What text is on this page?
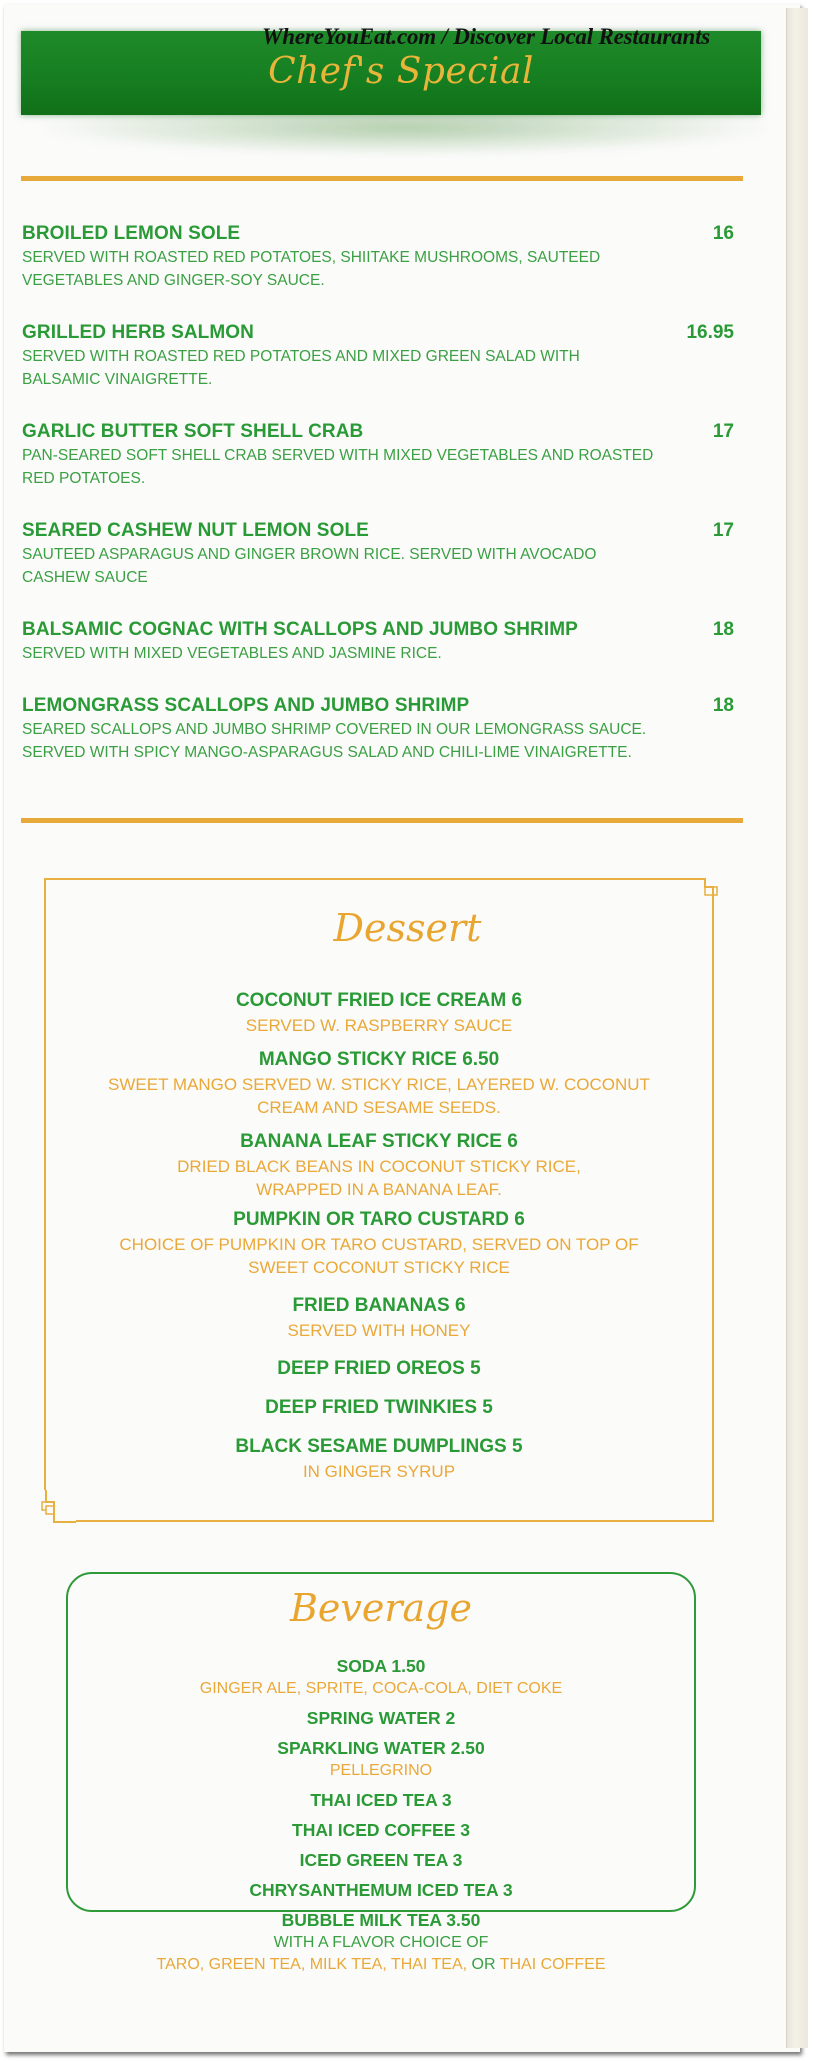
Chef's Special
WhereYouEat.com / Discover Local Restaurants
BROILED LEMON SOLE	16
SERVED WITH ROASTED RED POTATOES, SHIITAKE MUSHROOMS, SAUTEED
VEGETABLES AND GINGER-SOY SAUCE.
GRILLED HERB SALMON	16.95
SERVED WITH ROASTED RED POTATOES AND MIXED GREEN SALAD WITH
BALSAMIC VINAIGRETTE.
GARLIC BUTTER SOFT SHELL CRAB	17
PAN-SEARED SOFT SHELL CRAB SERVED WITH MIXED VEGETABLES AND ROASTED
RED POTATOES.
SEARED CASHEW NUT LEMON SOLE	17
SAUTEED ASPARAGUS AND GINGER BROWN RICE. SERVED WITH AVOCADO
CASHEW SAUCE
BALSAMIC COGNAC WITH SCALLOPS AND JUMBO SHRIMP	18
SERVED WITH MIXED VEGETABLES AND JASMINE RICE.
LEMONGRASS SCALLOPS AND JUMBO SHRIMP	18
SEARED SCALLOPS AND JUMBO SHRIMP COVERED IN OUR LEMONGRASS SAUCE.
SERVED WITH SPICY MANGO-ASPARAGUS SALAD AND CHILI-LIME VINAIGRETTE.
Dessert
COCONUT FRIED ICE CREAM 6
SERVED W. RASPBERRY SAUCE
MANGO STICKY RICE 6.50
SWEET MANGO SERVED W. STICKY RICE, LAYERED W. COCONUT
CREAM AND SESAME SEEDS.
BANANA LEAF STICKY RICE 6
DRIED BLACK BEANS IN COCONUT STICKY RICE,
WRAPPED IN A BANANA LEAF.
PUMPKIN OR TARO CUSTARD 6
CHOICE OF PUMPKIN OR TARO CUSTARD, SERVED ON TOP OF
SWEET COCONUT STICKY RICE
FRIED BANANAS 6
SERVED WITH HONEY
DEEP FRIED OREOS 5
DEEP FRIED TWINKIES 5
BLACK SESAME DUMPLINGS 5
IN GINGER SYRUP
Beverage
SODA 1.50
GINGER ALE, SPRITE, COCA-COLA, DIET COKE
SPRING WATER 2
SPARKLING WATER 2.50
PELLEGRINO
THAI ICED TEA 3
THAI ICED COFFEE 3
ICED GREEN TEA 3
CHRYSANTHEMUM ICED TEA 3
BUBBLE MILK TEA 3.50
WITH A FLAVOR CHOICE OF
TARO, GREEN TEA, MILK TEA, THAI TEA, OR THAI COFFEE
